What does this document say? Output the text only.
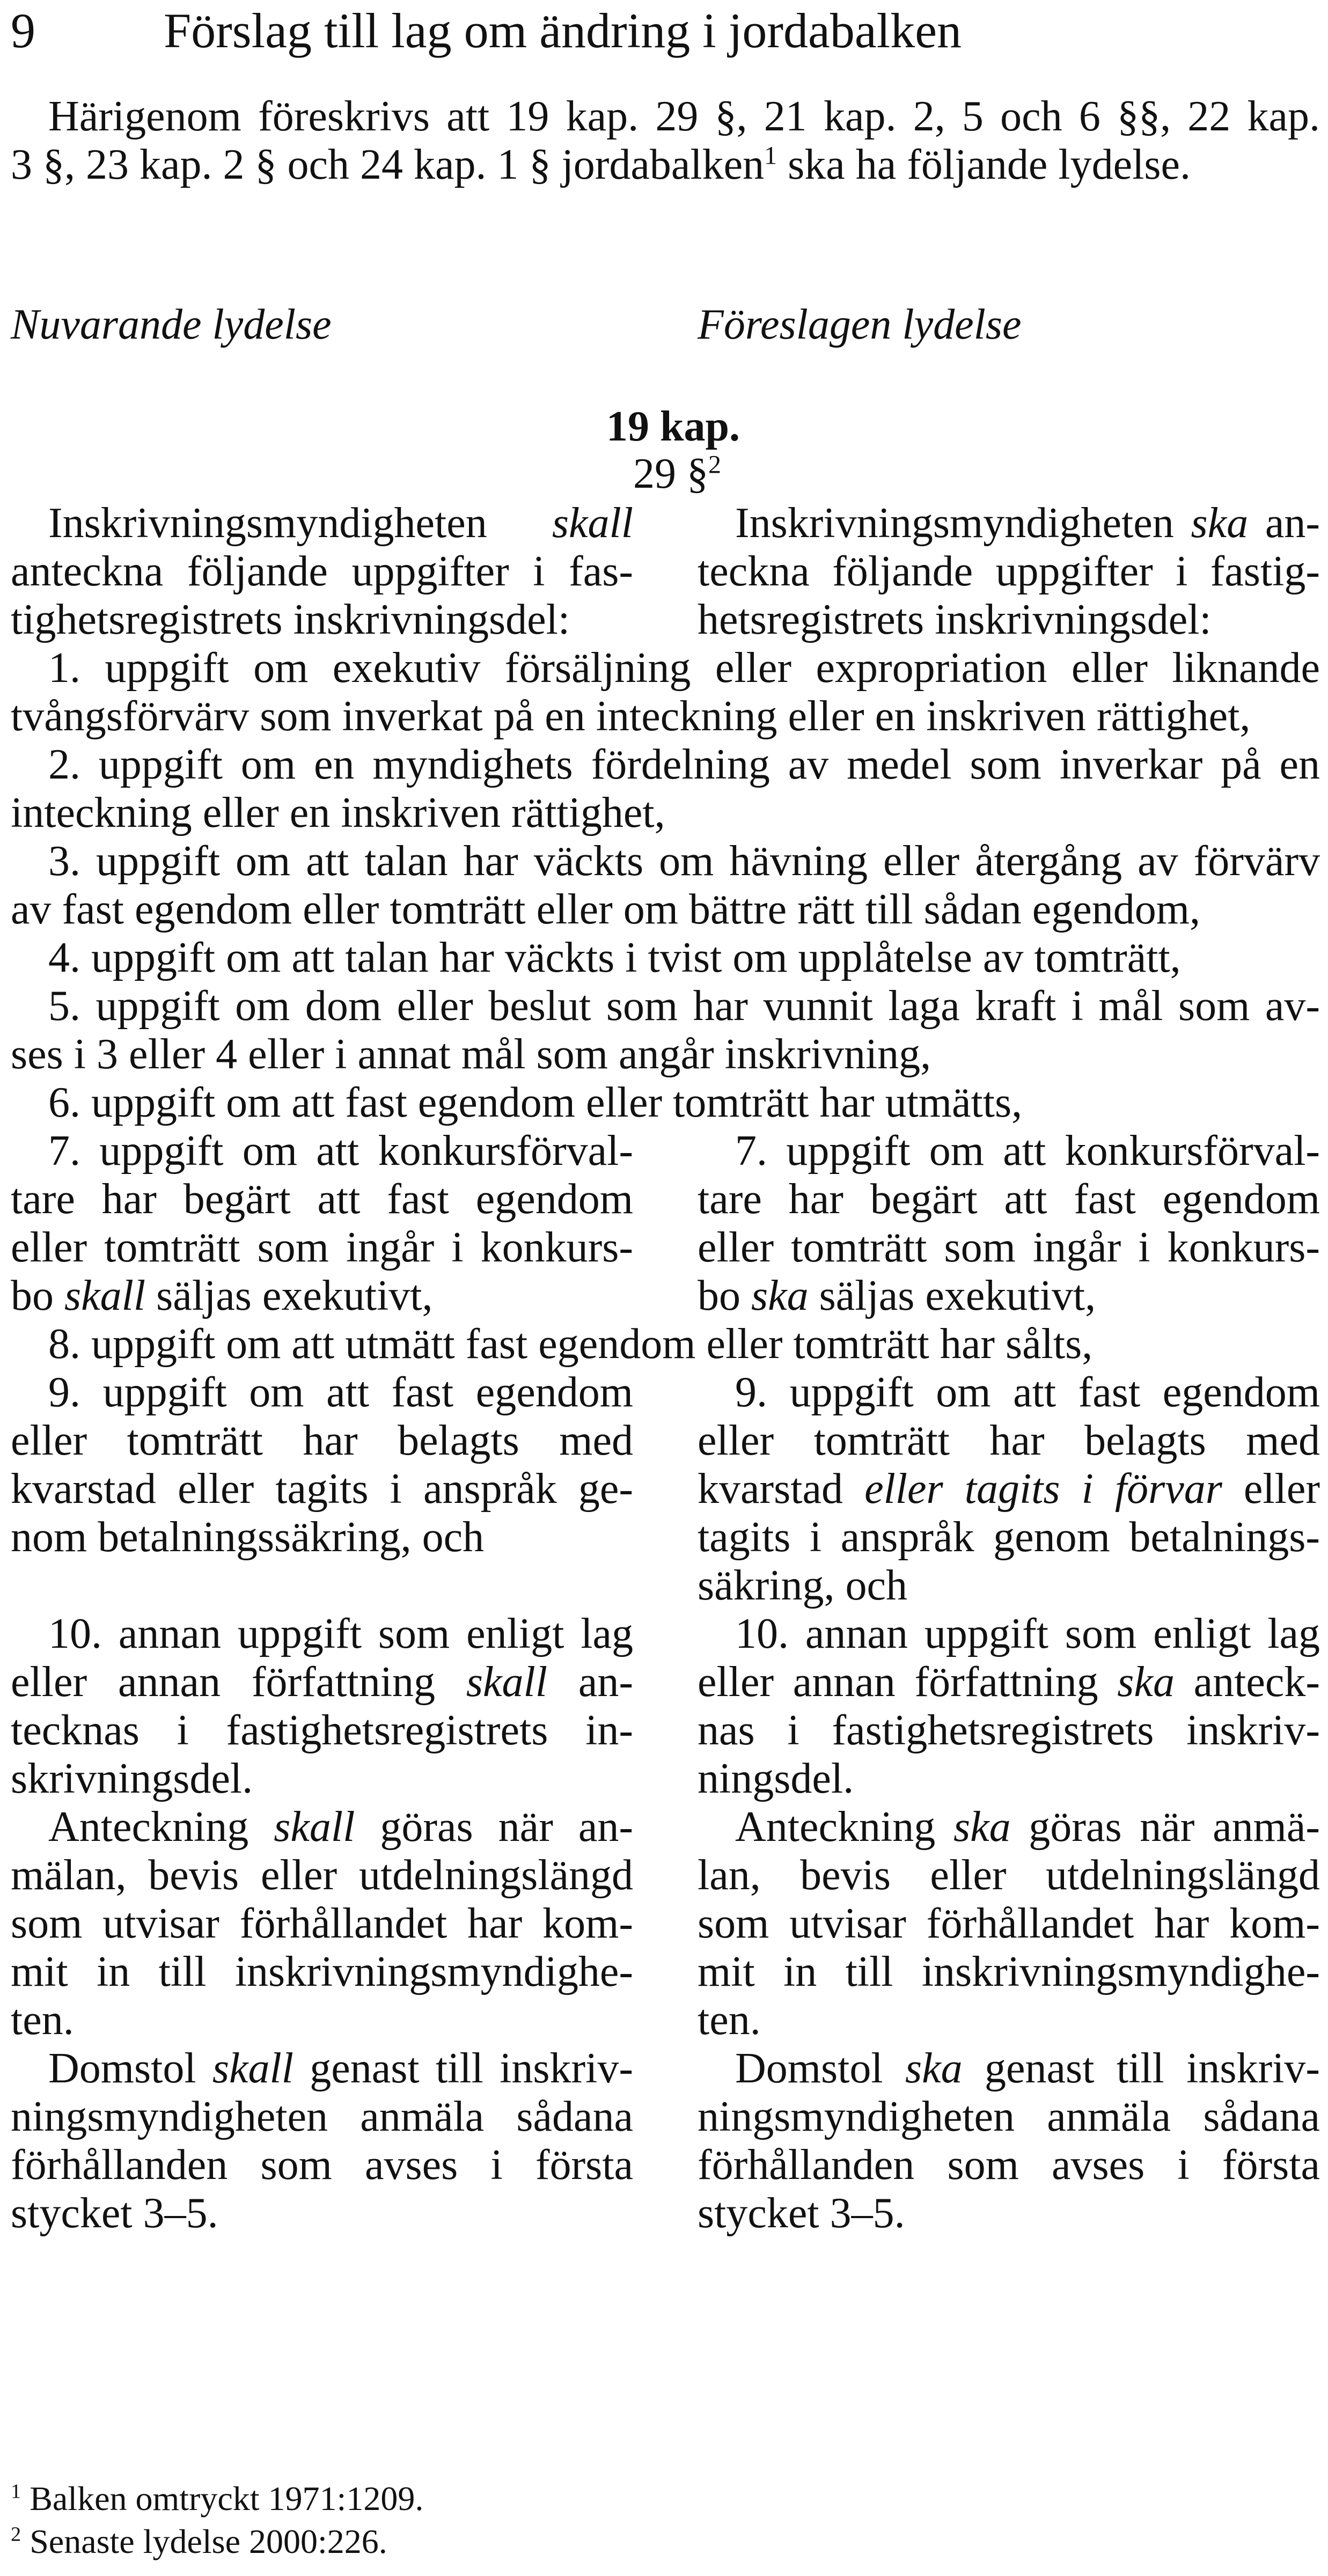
9	Förslag till lag om ändring i jordabalken
Härigenom föreskrivs att 19 kap. 29 §, 21 kap. 2, 5 och 6 §§, 22 kap.
3 §, 23 kap. 2 § och 24 kap. 1 § jordabalken$^1$ ska ha följande lydelse.
Nuvarande lydelse	Föreslagen lydelse
19 kap.
29 §$^2$
Inskrivningsmyndigheten skall
anteckna följande uppgifter i fas-
tighetsregistrets inskrivningsdel:
Inskrivningsmyndigheten ska an-
teckna följande uppgifter i fastig-
hetsregistrets inskrivningsdel:
1. uppgift om exekutiv försäljning eller expropriation eller liknande
tvångsförvärv som inverkat på en inteckning eller en inskriven rättighet,
2. uppgift om en myndighets fördelning av medel som inverkar på en
inteckning eller en inskriven rättighet,
3. uppgift om att talan har väckts om hävning eller återgång av förvärv
av fast egendom eller tomträtt eller om bättre rätt till sådan egendom,
4. uppgift om att talan har väckts i tvist om upplåtelse av tomträtt,
5. uppgift om dom eller beslut som har vunnit laga kraft i mål som av-
ses i 3 eller 4 eller i annat mål som angår inskrivning,
6. uppgift om att fast egendom eller tomträtt har utmätts,
7. uppgift om att konkursförval-
tare har begärt att fast egendom
eller tomträtt som ingår i konkurs-
bo skall säljas exekutivt,
7. uppgift om att konkursförval-
tare har begärt att fast egendom
eller tomträtt som ingår i konkurs-
bo ska säljas exekutivt,
8. uppgift om att utmätt fast egendom eller tomträtt har sålts,
9. uppgift om att fast egendom
eller tomträtt har belagts med
kvarstad eller tagits i anspråk ge-
nom betalningssäkring, och
9. uppgift om att fast egendom
eller tomträtt har belagts med
kvarstad eller tagits i förvar eller
tagits i anspråk genom betalnings-
säkring, och
10. annan uppgift som enligt lag
eller annan författning skall an-
tecknas i fastighetsregistrets in-
skrivningsdel.
10. annan uppgift som enligt lag
eller annan författning ska anteck-
nas i fastighetsregistrets inskriv-
ningsdel.
Anteckning skall göras när an-
mälan, bevis eller utdelningslängd
som utvisar förhållandet har kom-
mit in till inskrivningsmyndighe-
ten.
Anteckning ska göras när anmä-
lan, bevis eller utdelningslängd
som utvisar förhållandet har kom-
mit in till inskrivningsmyndighe-
ten.
Domstol skall genast till inskriv-
ningsmyndigheten anmäla sådana
förhållanden som avses i första
stycket 3–5.
Domstol ska genast till inskriv-
ningsmyndigheten anmäla sådana
förhållanden som avses i första
stycket 3–5.
$^1$ Balken omtryckt 1971:1209.
$^2$ Senaste lydelse 2000:226.
